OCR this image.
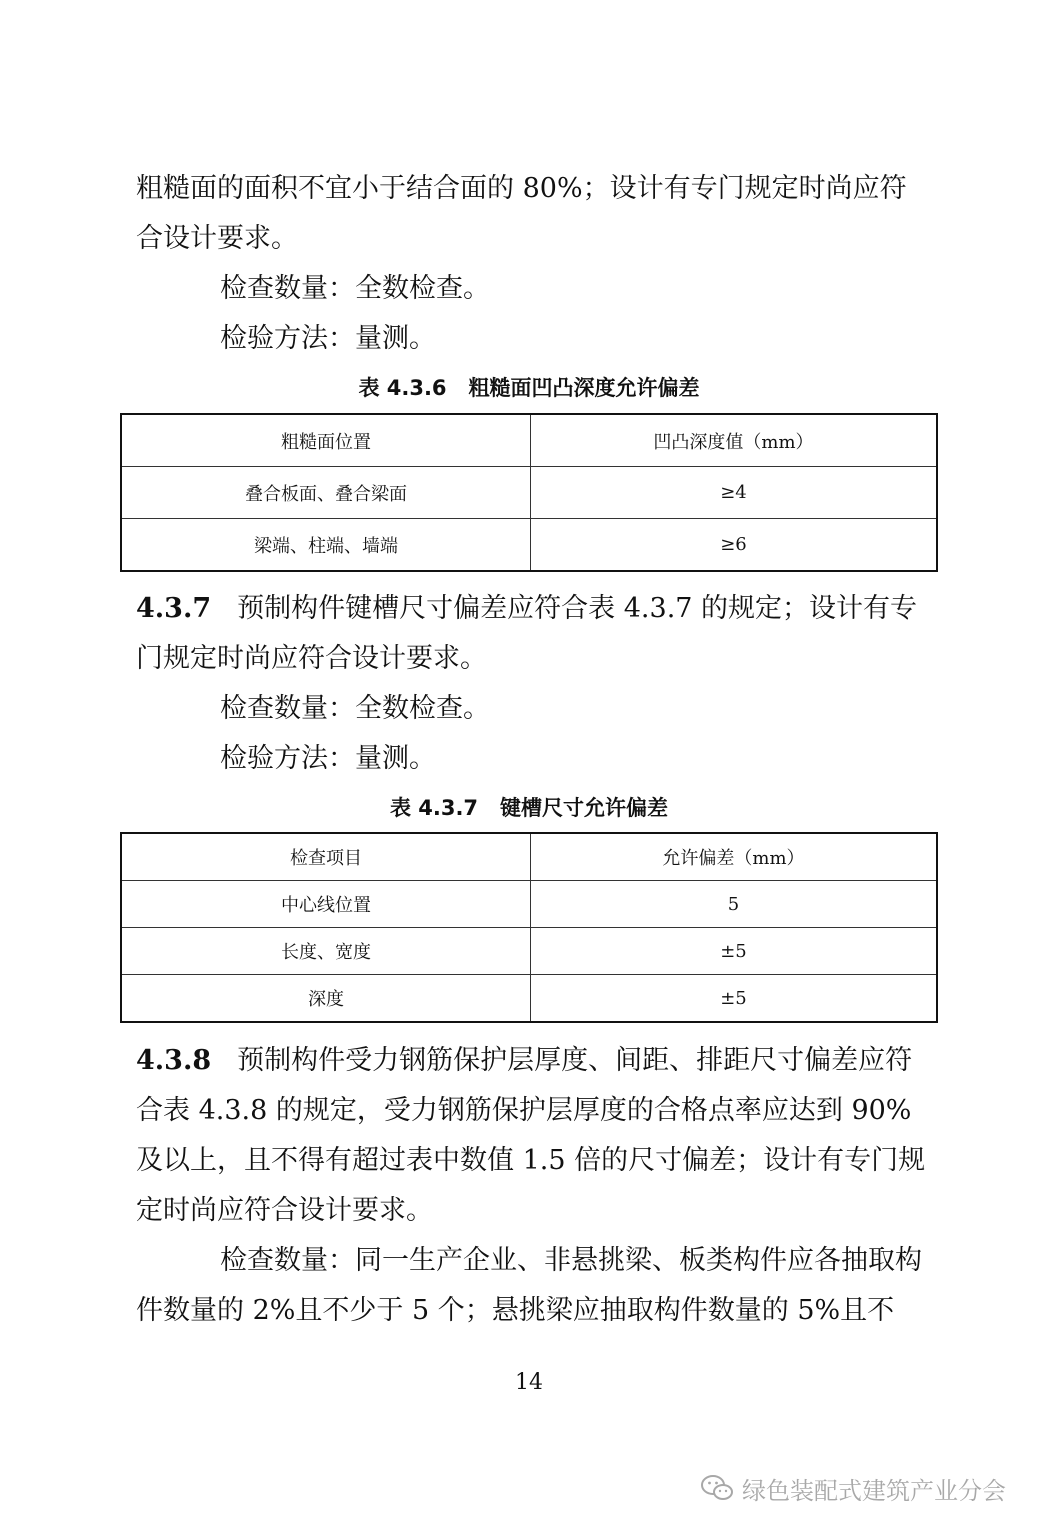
粗糙面的面积不宜小于结合面的 80%；设计有专门规定时尚应符合设计要求。

检查数量：全数检查。

检验方法：量测。

表 4.3.6 粗糙面凹凸深度允许偏差
粗糙面位置	凹凸深度值（mm）
叠合板面、叠合梁面	≥4
梁端、柱端、墙端	≥6

4.3.7 预制构件键槽尺寸偏差应符合表 4.3.7 的规定；设计有专门规定时尚应符合设计要求。

检查数量：全数检查。

检验方法：量测。

表 4.3.7 键槽尺寸允许偏差
检查项目	允许偏差（mm）
中心线位置	5
长度、宽度	±5
深度	±5

4.3.8 预制构件受力钢筋保护层厚度、间距、排距尺寸偏差应符合表 4.3.8 的规定，受力钢筋保护层厚度的合格点率应达到 90%及以上，且不得有超过表中数值 1.5 倍的尺寸偏差；设计有专门规定时尚应符合设计要求。

检查数量：同一生产企业、非悬挑梁、板类构件应各抽取构件数量的 2%且不少于 5 个；悬挑梁应抽取构件数量的 5%且不

14
绿色装配式建筑产业分会
